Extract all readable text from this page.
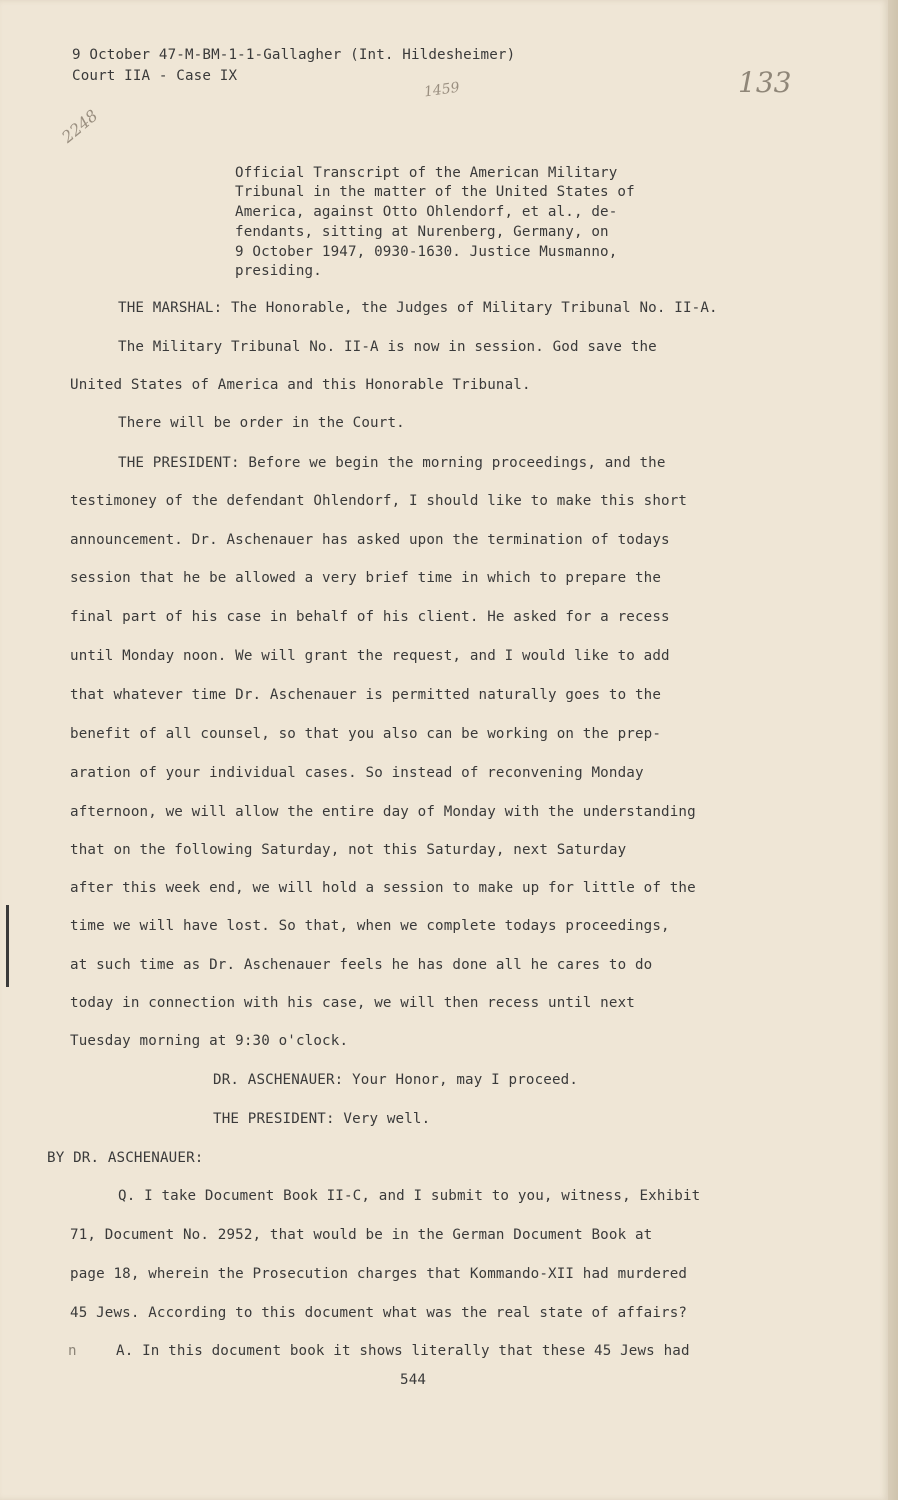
9 October 47-M-BM-1-1-Gallagher (Int. Hildesheimer)
Court IIA - Case IX	133
1459
2248
Official Transcript of the American Military
Tribunal in the matter of the United States of
America, against Otto Ohlendorf, et al., de-
fendants, sitting at Nurenberg, Germany, on
9 October 1947, 0930-1630. Justice Musmanno,
presiding.
THE MARSHAL: The Honorable, the Judges of Military Tribunal No. II-A.
The Military Tribunal No. II-A is now in session. God save the
United States of America and this Honorable Tribunal.
There will be order in the Court.
THE PRESIDENT: Before we begin the morning proceedings, and the
testimoney of the defendant Ohlendorf, I should like to make this short
announcement. Dr. Aschenauer has asked upon the termination of todays
session that he be allowed a very brief time in which to prepare the
final part of his case in behalf of his client. He asked for a recess
until Monday noon. We will grant the request, and I would like to add
that whatever time Dr. Aschenauer is permitted naturally goes to the
benefit of all counsel, so that you also can be working on the prep-
aration of your individual cases. So instead of reconvening Monday
afternoon, we will allow the entire day of Monday with the understanding
that on the following Saturday, not this Saturday, next Saturday
after this week end, we will hold a session to make up for little of the
time we will have lost. So that, when we complete todays proceedings,
at such time as Dr. Aschenauer feels he has done all he cares to do
today in connection with his case, we will then recess until next
Tuesday morning at 9:30 o'clock.
DR. ASCHENAUER: Your Honor, may I proceed.
THE PRESIDENT: Very well.
BY DR. ASCHENAUER:
Q. I take Document Book II-C, and I submit to you, witness, Exhibit
71, Document No. 2952, that would be in the German Document Book at
page 18, wherein the Prosecution charges that Kommando-XII had murdered
45 Jews. According to this document what was the real state of affairs?
A. In this document book it shows literally that these 45 Jews had
n
544
